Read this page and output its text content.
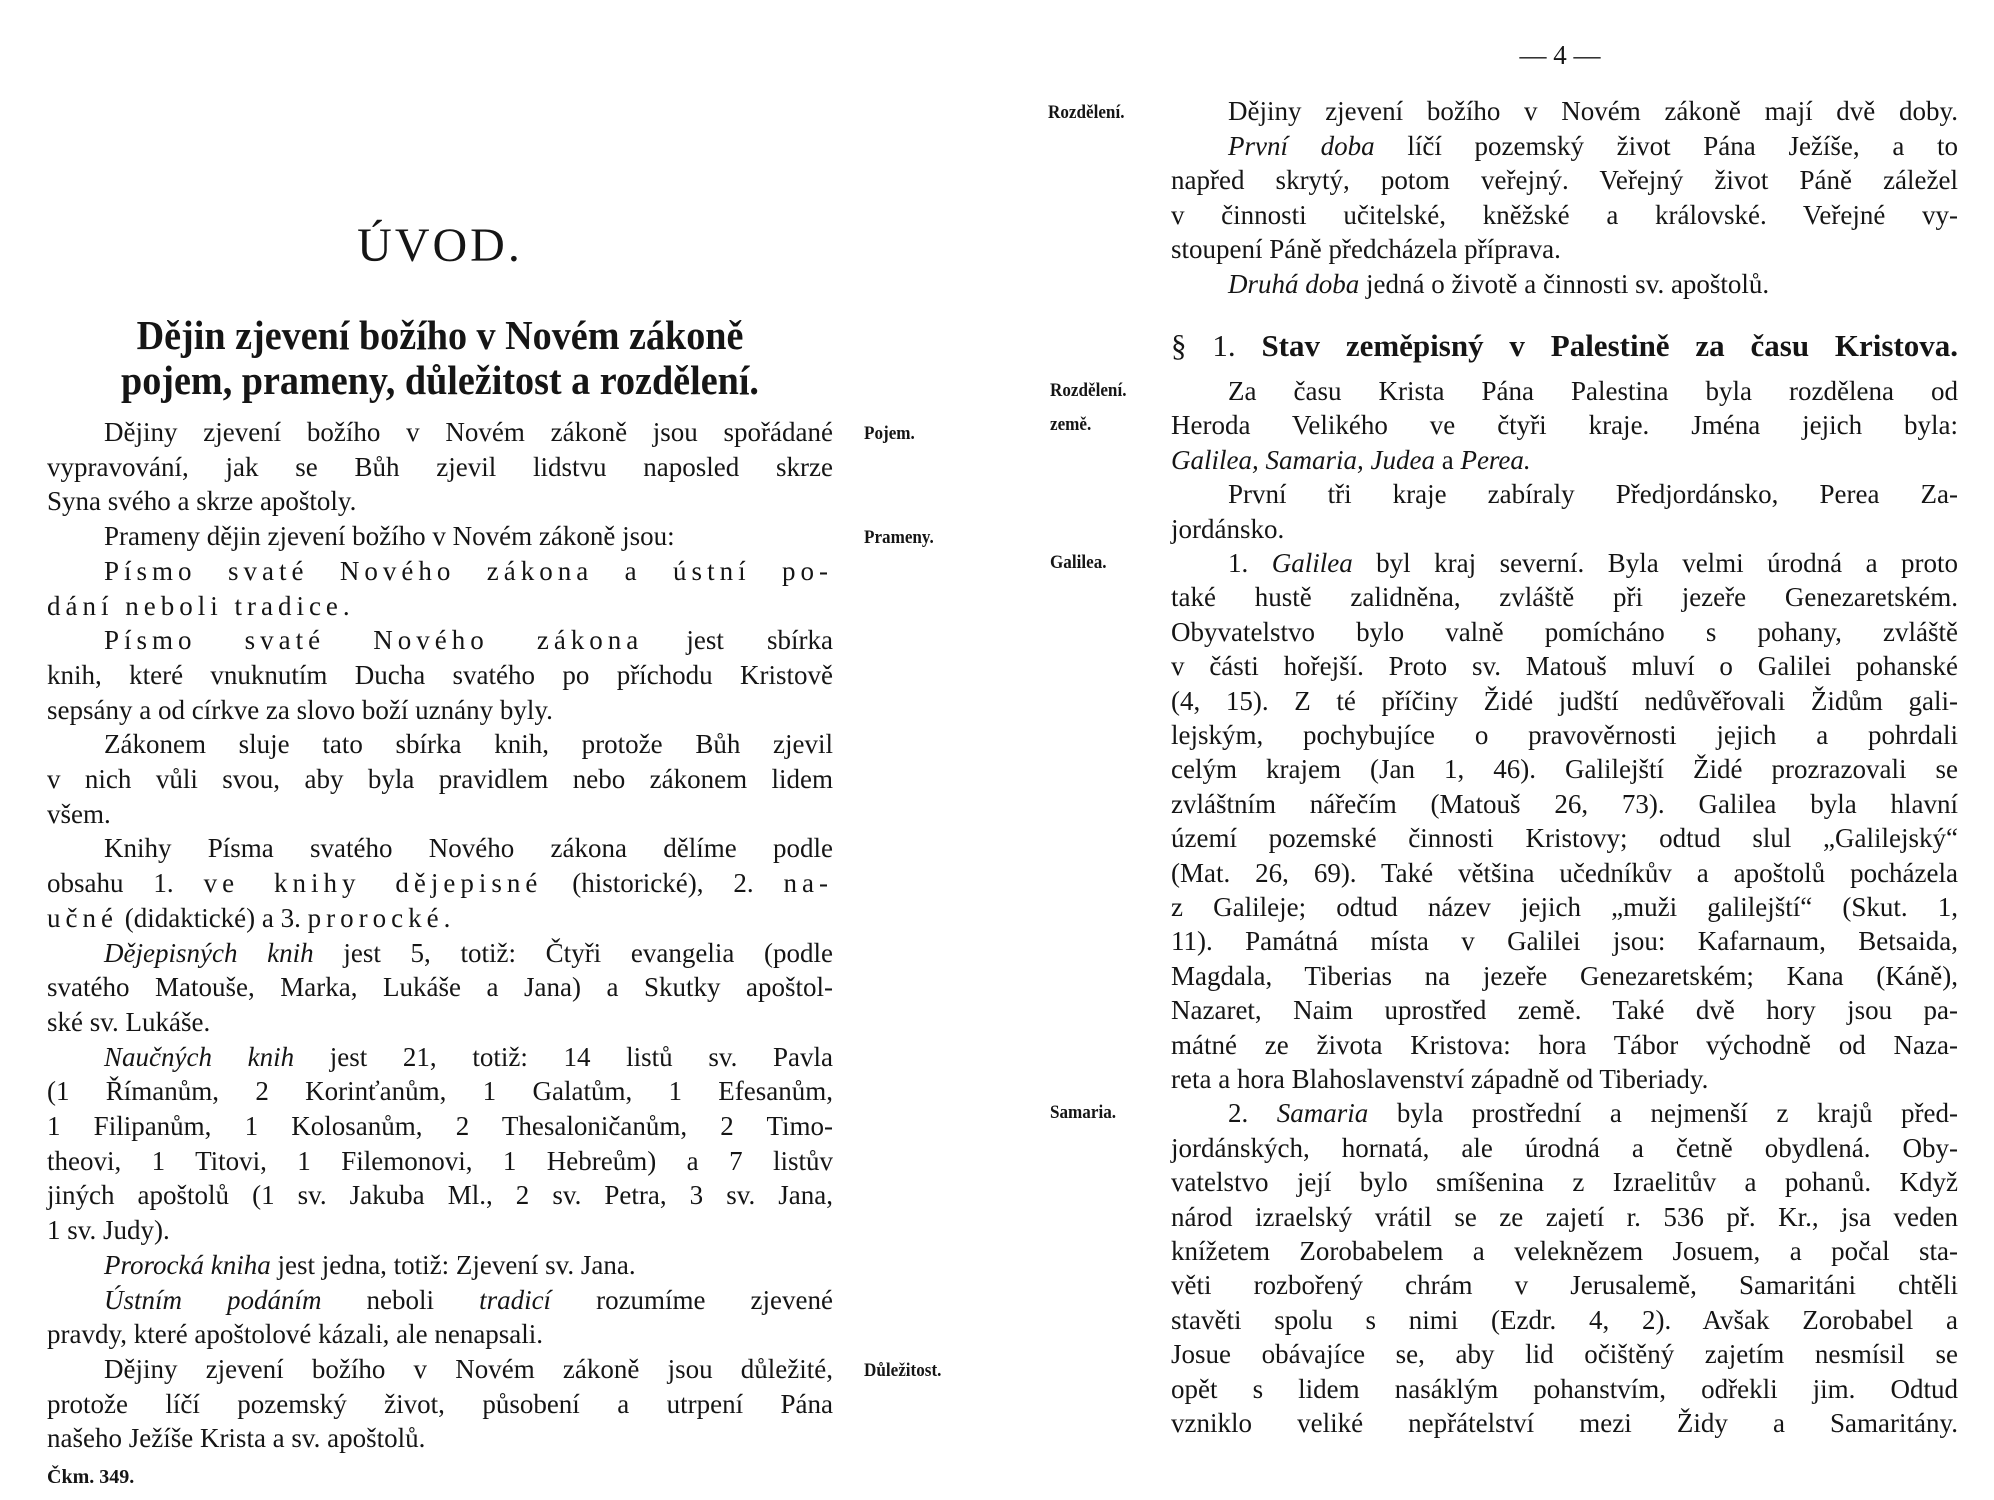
— 4 —
ÚVOD.
Dějin zjevení božího v Novém zákoně
pojem, prameny, důležitost a rozdělení.
Dějiny zjevení božího v Novém zákoně jsou spořádané
vypravování, jak se Bůh zjevil lidstvu naposled skrze
Syna svého a skrze apoštoly.
Prameny dějin zjevení božího v Novém zákoně jsou:
Písmo svaté Nového zákona a ústní po-
dání neboli tradice.
Písmo svaté Nového zákona jest sbírka
knih, které vnuknutím Ducha svatého po příchodu Kristově
sepsány a od církve za slovo boží uznány byly.
Zákonem sluje tato sbírka knih, protože Bůh zjevil
v nich vůli svou, aby byla pravidlem nebo zákonem lidem
všem.
Knihy Písma svatého Nového zákona dělíme podle
obsahu 1. ve knihy dějepisné (historické), 2. na-
učné (didaktické) a 3. prorocké.
Dějepisných knih jest 5, totiž: Čtyři evangelia (podle
svatého Matouše, Marka, Lukáše a Jana) a Skutky apoštol-
ské sv. Lukáše.
Naučných knih jest 21, totiž: 14 listů sv. Pavla
(1 Římanům, 2 Korinťanům, 1 Galatům, 1 Efesanům,
1 Filipanům, 1 Kolosanům, 2 Thesaloničanům, 2 Timo-
theovi, 1 Titovi, 1 Filemonovi, 1 Hebreům) a 7 listův
jiných apoštolů (1 sv. Jakuba Ml., 2 sv. Petra, 3 sv. Jana,
1 sv. Judy).
Prorocká kniha jest jedna, totiž: Zjevení sv. Jana.
Ústním podáním neboli tradicí rozumíme zjevené
pravdy, které apoštolové kázali, ale nenapsali.
Dějiny zjevení božího v Novém zákoně jsou důležité,
protože líčí pozemský život, působení a utrpení Pána
našeho Ježíše Krista a sv. apoštolů.
Pojem.
Prameny.
Důležitost.
Čkm. 349.
Dějiny zjevení božího v Novém zákoně mají dvě doby.
První doba líčí pozemský život Pána Ježíše, a to
napřed skrytý, potom veřejný. Veřejný život Páně záležel
v činnosti učitelské, kněžské a královské. Veřejné vy-
stoupení Páně předcházela příprava.
Druhá doba jedná o životě a činnosti sv. apoštolů.
Rozdělení.
§ 1. Stav zeměpisný v Palestině za času Kristova.
Za času Krista Pána Palestina byla rozdělena od
Heroda Velikého ve čtyři kraje. Jména jejich byla:
Galilea, Samaria, Judea a Perea.
První tři kraje zabíraly Předjordánsko, Perea Za-
jordánsko.
1. Galilea byl kraj severní. Byla velmi úrodná a proto
také hustě zalidněna, zvláště při jezeře Genezaretském.
Obyvatelstvo bylo valně pomícháno s pohany, zvláště
v části hořejší. Proto sv. Matouš mluví o Galilei pohanské
(4, 15). Z té příčiny Židé judští nedůvěřovali Židům gali-
lejským, pochybujíce o pravověrnosti jejich a pohrdali
celým krajem (Jan 1, 46). Galilejští Židé prozrazovali se
zvláštním nářečím (Matouš 26, 73). Galilea byla hlavní
území pozemské činnosti Kristovy; odtud slul „Galilejský“
(Mat. 26, 69). Také většina učedníkův a apoštolů pocházela
z Galileje; odtud název jejich „muži galilejští“ (Skut. 1,
11). Památná místa v Galilei jsou: Kafarnaum, Betsaida,
Magdala, Tiberias na jezeře Genezaretském; Kana (Káně),
Nazaret, Naim uprostřed země. Také dvě hory jsou pa-
mátné ze života Kristova: hora Tábor východně od Naza-
reta a hora Blahoslavenství západně od Tiberiady.
2. Samaria byla prostřední a nejmenší z krajů před-
jordánských, hornatá, ale úrodná a četně obydlená. Oby-
vatelstvo její bylo smíšenina z Izraelitův a pohanů. Když
národ izraelský vrátil se ze zajetí r. 536 př. Kr., jsa veden
knížetem Zorobabelem a veleknězem Josuem, a počal sta-
věti rozbořený chrám v Jerusalemě, Samaritáni chtěli
stavěti spolu s nimi (Ezdr. 4, 2). Avšak Zorobabel a
Josue obávajíce se, aby lid očištěný zajetím nesmísil se
opět s lidem nasáklým pohanstvím, odřekli jim. Odtud
vzniklo veliké nepřátelství mezi Židy a Samaritány.
Rozdělení.
země.
Galilea.
Samaria.
